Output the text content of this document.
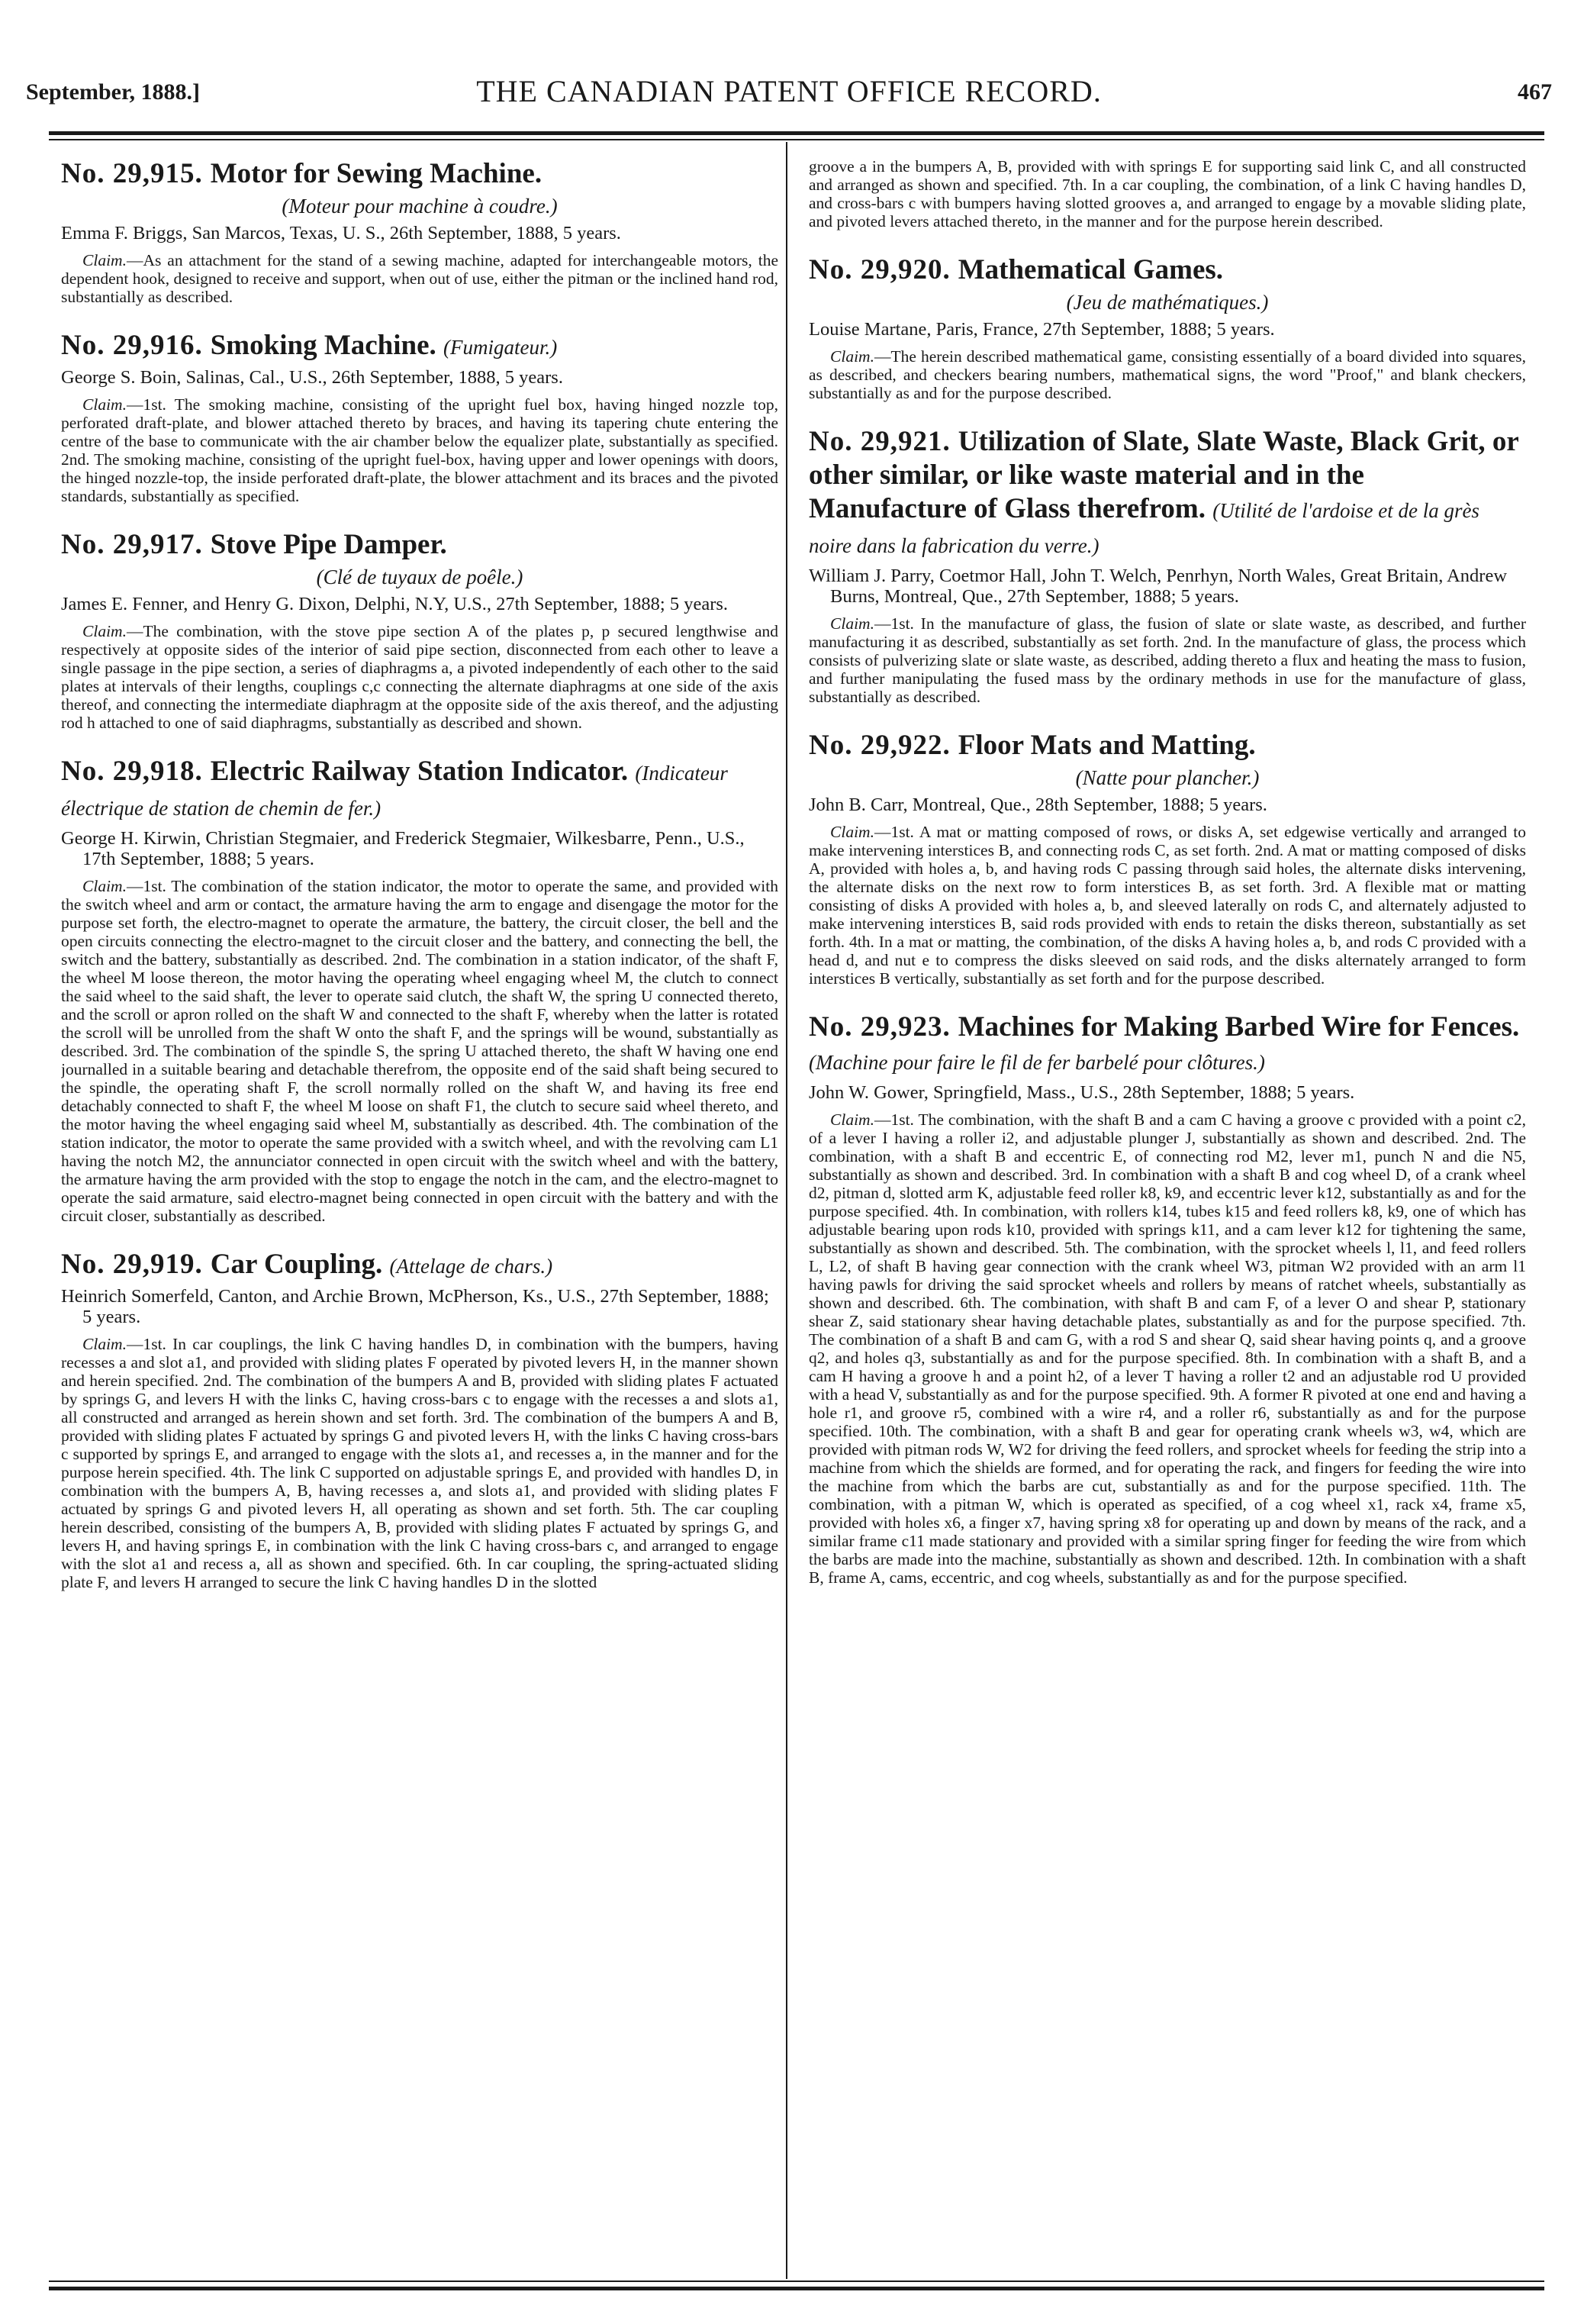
September, 1888.]	THE CANADIAN PATENT OFFICE RECORD.	467
No. 29,915. Motor for Sewing Machine.
(Moteur pour machine à coudre.)
Emma F. Briggs, San Marcos, Texas, U. S., 26th September, 1888, 5 years.

Claim.—As an attachment for the stand of a sewing machine, adapted for interchangeable motors, the dependent hook, designed to receive and support, when out of use, either the pitman or the inclined hand rod, substantially as described.

No. 29,916. Smoking Machine. (Fumigateur.)
George S. Boin, Salinas, Cal., U.S., 26th September, 1888, 5 years.

Claim.—1st. The smoking machine, consisting of the upright fuel box, having hinged nozzle top, perforated draft-plate, and blower attached thereto by braces, and having its tapering chute entering the centre of the base to communicate with the air chamber below the equalizer plate, substantially as specified. 2nd. The smoking machine, consisting of the upright fuel-box, having upper and lower openings with doors, the hinged nozzle-top, the inside perforated draft-plate, the blower attachment and its braces and the pivoted standards, substantially as specified.

No. 29,917. Stove Pipe Damper.
(Clé de tuyaux de poêle.)
James E. Fenner, and Henry G. Dixon, Delphi, N.Y, U.S., 27th September, 1888; 5 years.

Claim.—The combination, with the stove pipe section A of the plates p, p secured lengthwise and respectively at opposite sides of the interior of said pipe section, disconnected from each other to leave a single passage in the pipe section, a series of diaphragms a, a pivoted independently of each other to the said plates at intervals of their lengths, couplings c,c connecting the alternate diaphragms at one side of the axis thereof, and connecting the intermediate diaphragm at the opposite side of the axis thereof, and the adjusting rod h attached to one of said diaphragms, substantially as described and shown.

No. 29,918. Electric Railway Station Indicator. (Indicateur électrique de station de chemin de fer.)
George H. Kirwin, Christian Stegmaier, and Frederick Stegmaier, Wilkesbarre, Penn., U.S., 17th September, 1888; 5 years.

Claim.—1st. The combination of the station indicator, the motor to operate the same, and provided with the switch wheel and arm or contact, the armature having the arm to engage and disengage the motor for the purpose set forth, the electro-magnet to operate the armature, the battery, the circuit closer, the bell and the open circuits connecting the electro-magnet to the circuit closer and the battery, and connecting the bell, the switch and the battery, substantially as described. 2nd. The combination in a station indicator, of the shaft F, the wheel M loose thereon, the motor having the operating wheel engaging wheel M, the clutch to connect the said wheel to the said shaft, the lever to operate said clutch, the shaft W, the spring U connected thereto, and the scroll or apron rolled on the shaft W and connected to the shaft F, whereby when the latter is rotated the scroll will be unrolled from the shaft W onto the shaft F, and the springs will be wound, substantially as described. 3rd. The combination of the spindle S, the spring U attached thereto, the shaft W having one end journalled in a suitable bearing and detachable therefrom, the opposite end of the said shaft being secured to the spindle, the operating shaft F, the scroll normally rolled on the shaft W, and having its free end detachably connected to shaft F, the wheel M loose on shaft F1, the clutch to secure said wheel thereto, and the motor having the wheel engaging said wheel M, substantially as described. 4th. The combination of the station indicator, the motor to operate the same provided with a switch wheel, and with the revolving cam L1 having the notch M2, the annunciator connected in open circuit with the switch wheel and with the battery, the armature having the arm provided with the stop to engage the notch in the cam, and the electro-magnet to operate the said armature, said electro-magnet being connected in open circuit with the battery and with the circuit closer, substantially as described.

No. 29,919. Car Coupling. (Attelage de chars.)
Heinrich Somerfeld, Canton, and Archie Brown, McPherson, Ks., U.S., 27th September, 1888; 5 years.

Claim.—1st. In car couplings, the link C having handles D, in combination with the bumpers, having recesses a and slot a1, and provided with sliding plates F operated by pivoted levers H, in the manner shown and herein specified. 2nd. The combination of the bumpers A and B, provided with sliding plates F actuated by springs G, and levers H with the links C, having cross-bars c to engage with the recesses a and slots a1, all constructed and arranged as herein shown and set forth. 3rd. The combination of the bumpers A and B, provided with sliding plates F actuated by springs G and pivoted levers H, with the links C having cross-bars c supported by springs E, and arranged to engage with the slots a1, and recesses a, in the manner and for the purpose herein specified. 4th. The link C supported on adjustable springs E, and provided with handles D, in combination with the bumpers A, B, having recesses a, and slots a1, and provided with sliding plates F actuated by springs G and pivoted levers H, all operating as shown and set forth. 5th. The car coupling herein described, consisting of the bumpers A, B, provided with sliding plates F actuated by springs G, and levers H, and having springs E, in combination with the link C having cross-bars c, and arranged to engage with the slot a1 and recess a, all as shown and specified. 6th. In car coupling, the spring-actuated sliding plate F, and levers H arranged to secure the link C having handles D in the slotted

groove a in the bumpers A, B, provided with with springs E for supporting said link C, and all constructed and arranged as shown and specified. 7th. In a car coupling, the combination, of a link C having handles D, and cross-bars c with bumpers having slotted grooves a, and arranged to engage by a movable sliding plate, and pivoted levers attached thereto, in the manner and for the purpose herein described.

No. 29,920. Mathematical Games.
(Jeu de mathématiques.)
Louise Martane, Paris, France, 27th September, 1888; 5 years.

Claim.—The herein described mathematical game, consisting essentially of a board divided into squares, as described, and checkers bearing numbers, mathematical signs, the word "Proof," and blank checkers, substantially as and for the purpose described.

No. 29,921. Utilization of Slate, Slate Waste, Black Grit, or other similar, or like waste material and in the Manufacture of Glass therefrom. (Utilité de l'ardoise et de la grès noire dans la fabrication du verre.)
William J. Parry, Coetmor Hall, John T. Welch, Penrhyn, North Wales, Great Britain, Andrew Burns, Montreal, Que., 27th September, 1888; 5 years.

Claim.—1st. In the manufacture of glass, the fusion of slate or slate waste, as described, and further manufacturing it as described, substantially as set forth. 2nd. In the manufacture of glass, the process which consists of pulverizing slate or slate waste, as described, adding thereto a flux and heating the mass to fusion, and further manipulating the fused mass by the ordinary methods in use for the manufacture of glass, substantially as described.

No. 29,922. Floor Mats and Matting.
(Natte pour plancher.)
John B. Carr, Montreal, Que., 28th September, 1888; 5 years.

Claim.—1st. A mat or matting composed of rows, or disks A, set edgewise vertically and arranged to make intervening interstices B, and connecting rods C, as set forth. 2nd. A mat or matting composed of disks A, provided with holes a, b, and having rods C passing through said holes, the alternate disks intervening, the alternate disks on the next row to form interstices B, as set forth. 3rd. A flexible mat or matting consisting of disks A provided with holes a, b, and sleeved laterally on rods C, and alternately adjusted to make intervening interstices B, said rods provided with ends to retain the disks thereon, substantially as set forth. 4th. In a mat or matting, the combination, of the disks A having holes a, b, and rods C provided with a head d, and nut e to compress the disks sleeved on said rods, and the disks alternately arranged to form interstices B vertically, substantially as set forth and for the purpose described.

No. 29,923. Machines for Making Barbed Wire for Fences. (Machine pour faire le fil de fer barbelé pour clôtures.)
John W. Gower, Springfield, Mass., U.S., 28th September, 1888; 5 years.

Claim.—1st. The combination, with the shaft B and a cam C having a groove c provided with a point c2, of a lever I having a roller i2, and adjustable plunger J, substantially as shown and described. 2nd. The combination, with a shaft B and eccentric E, of connecting rod M2, lever m1, punch N and die N5, substantially as shown and described. 3rd. In combination with a shaft B and cog wheel D, of a crank wheel d2, pitman d, slotted arm K, adjustable feed roller k8, k9, and eccentric lever k12, substantially as and for the purpose specified. 4th. In combination, with rollers k14, tubes k15 and feed rollers k8, k9, one of which has adjustable bearing upon rods k10, provided with springs k11, and a cam lever k12 for tightening the same, substantially as shown and described. 5th. The combination, with the sprocket wheels l, l1, and feed rollers L, L2, of shaft B having gear connection with the crank wheel W3, pitman W2 provided with an arm l1 having pawls for driving the said sprocket wheels and rollers by means of ratchet wheels, substantially as shown and described. 6th. The combination, with shaft B and cam F, of a lever O and shear P, stationary shear Z, said stationary shear having detachable plates, substantially as and for the purpose specified. 7th. The combination of a shaft B and cam G, with a rod S and shear Q, said shear having points q, and a groove q2, and holes q3, substantially as and for the purpose specified. 8th. In combination with a shaft B, and a cam H having a groove h and a point h2, of a lever T having a roller t2 and an adjustable rod U provided with a head V, substantially as and for the purpose specified. 9th. A former R pivoted at one end and having a hole r1, and groove r5, combined with a wire r4, and a roller r6, substantially as and for the purpose specified. 10th. The combination, with a shaft B and gear for operating crank wheels w3, w4, which are provided with pitman rods W, W2 for driving the feed rollers, and sprocket wheels for feeding the strip into a machine from which the shields are formed, and for operating the rack, and fingers for feeding the wire into the machine from which the barbs are cut, substantially as and for the purpose specified. 11th. The combination, with a pitman W, which is operated as specified, of a cog wheel x1, rack x4, frame x5, provided with holes x6, a finger x7, having spring x8 for operating up and down by means of the rack, and a similar frame c11 made stationary and provided with a similar spring finger for feeding the wire from which the barbs are made into the machine, substantially as shown and described. 12th. In combination with a shaft B, frame A, cams, eccentric, and cog wheels, substantially as and for the purpose specified.
